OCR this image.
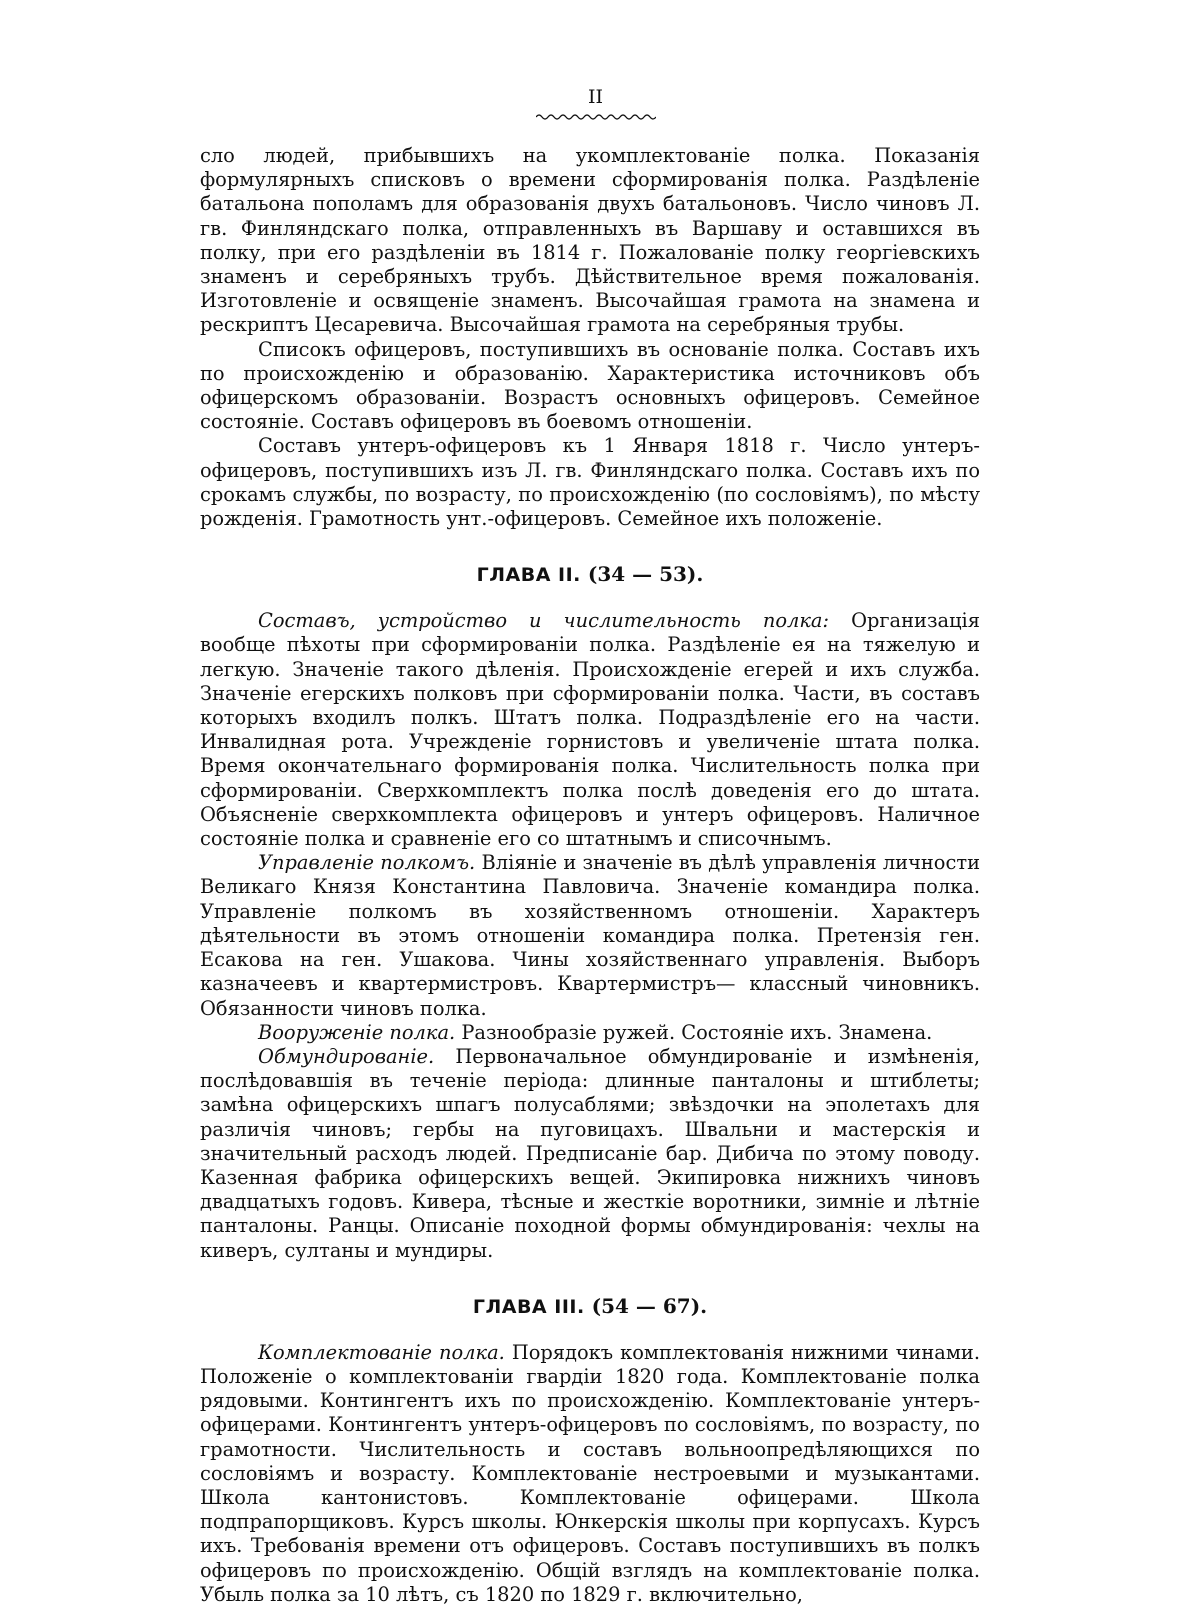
II

сло людей, прибывшихъ на укомплектованіе полка. Показанія формулярныхъ списковъ о времени сформированія полка. Раздѣленіе батальона пополамъ для образованія двухъ батальоновъ. Число чиновъ Л. гв. Финляндскаго полка, отправленныхъ въ Варшаву и оставшихся въ полку, при его раздѣленіи въ 1814 г. Пожалованіе полку георгіевскихъ знаменъ и серебряныхъ трубъ. Дѣйствительное время пожалованія. Изготовленіе и освященіе знаменъ. Высочайшая грамота на знамена и рескриптъ Цесаревича. Высочайшая грамота на серебряныя трубы.

Списокъ офицеровъ, поступившихъ въ основаніе полка. Составъ ихъ по происхожденію и образованію. Характеристика источниковъ объ офицерскомъ образованіи. Возрастъ основныхъ офицеровъ. Семейное состояніе. Составъ офицеровъ въ боевомъ отношеніи.

Составъ унтеръ-офицеровъ къ 1 Января 1818 г. Число унтеръ-офицеровъ, поступившихъ изъ Л. гв. Финляндскаго полка. Составъ ихъ по срокамъ службы, по возрасту, по происхожденію (по сословіямъ), по мѣсту рожденія. Грамотность унт.-офицеровъ. Семейное ихъ положеніе.

ГЛАВА II. (34 — 53).

Составъ, устройство и числительность полка: Организація вообще пѣхоты при сформированіи полка. Раздѣленіе ея на тяжелую и легкую. Значеніе такого дѣленія. Происхожденіе егерей и ихъ служба. Значеніе егерскихъ полковъ при сформированіи полка. Части, въ составъ которыхъ входилъ полкъ. Штатъ полка. Подраздѣленіе его на части. Инвалидная рота. Учрежденіе горнистовъ и увеличеніе штата полка. Время окончательнаго формированія полка. Числительность полка при сформированіи. Сверхкомплектъ полка послѣ доведенія его до штата. Объясненіе сверхкомплекта офицеровъ и унтеръ офицеровъ. Наличное состояніе полка и сравненіе его со штатнымъ и списочнымъ.

Управленіе полкомъ. Вліяніе и значеніе въ дѣлѣ управленія личности Великаго Князя Константина Павловича. Значеніе командира полка. Управленіе полкомъ въ хозяйственномъ отношеніи. Характеръ дѣятельности въ этомъ отношеніи командира полка. Претензія ген. Есакова на ген. Ушакова. Чины хозяйственнаго управленія. Выборъ казначеевъ и квартермистровъ. Квартермистръ— классный чиновникъ. Обязанности чиновъ полка.

Вооруженіе полка. Разнообразіе ружей. Состояніе ихъ. Знамена.

Обмундированіе. Первоначальное обмундированіе и измѣненія, послѣдовавшія въ теченіе періода: длинные панталоны и штиблеты; замѣна офицерскихъ шпагъ полусаблями; звѣздочки на эполетахъ для различія чиновъ; гербы на пуговицахъ. Швальни и мастерскія и значительный расходъ людей. Предписаніе бар. Дибича по этому поводу. Казенная фабрика офицерскихъ вещей. Экипировка нижнихъ чиновъ двадцатыхъ годовъ. Кивера, тѣсные и жесткіе воротники, зимніе и лѣтніе панталоны. Ранцы. Описаніе походной формы обмундированія: чехлы на киверъ, султаны и мундиры.

ГЛАВА III. (54 — 67).

Комплектованіе полка. Порядокъ комплектованія нижними чинами. Положеніе о комплектованіи гвардіи 1820 года. Комплектованіе полка рядовыми. Контингентъ ихъ по происхожденію. Комплектованіе унтеръ-офицерами. Контингентъ унтеръ-офицеровъ по сословіямъ, по возрасту, по грамотности. Числительность и составъ вольноопредѣляющихся по сословіямъ и возрасту. Комплектованіе нестроевыми и музыкантами. Школа кантонистовъ. Комплектованіе офицерами. Школа подпрапорщиковъ. Курсъ школы. Юнкерскія школы при корпусахъ. Курсъ ихъ. Требованія времени отъ офицеровъ. Составъ поступившихъ въ полкъ офицеровъ по происхожденію. Общій взглядъ на комплектованіе полка. Убыль полка за 10 лѣтъ, съ 1820 по 1829 г. включительно,
